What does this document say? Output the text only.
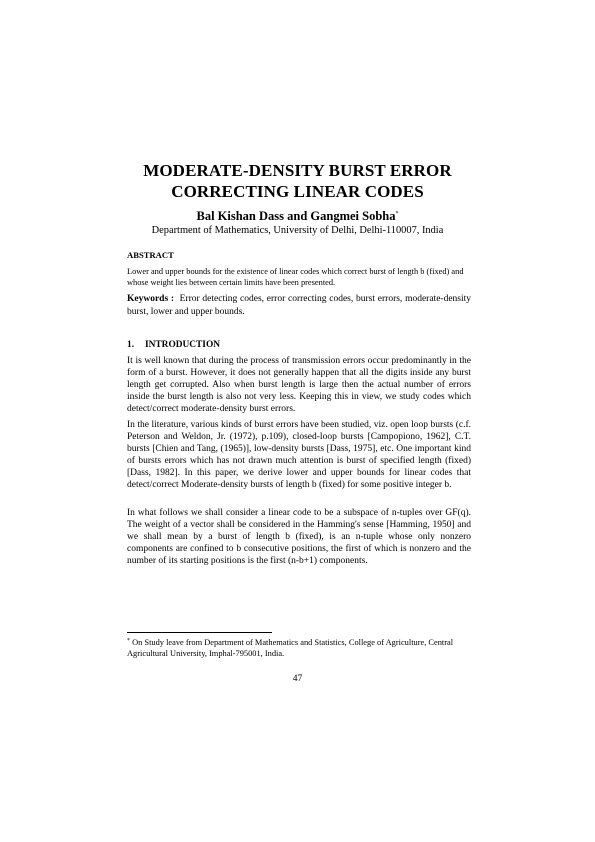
MODERATE-DENSITY BURST ERROR
CORRECTING LINEAR CODES
Bal Kishan Dass and Gangmei Sobha*
Department of Mathematics, University of Delhi, Delhi-110007, India
ABSTRACT
Lower and upper bounds for the existence of linear codes which correct burst of length b (fixed) and whose weight lies between certain limits have been presented.
Keywords : Error detecting codes, error correcting codes, burst errors, moderate-density burst, lower and upper bounds.
1. INTRODUCTION
It is well known that during the process of transmission errors occur predominantly in the form of a burst. However, it does not generally happen that all the digits inside any burst length get corrupted. Also when burst length is large then the actual number of errors inside the burst length is also not very less. Keeping this in view, we study codes which detect/correct moderate-density burst errors.
In the literature, various kinds of burst errors have been studied, viz. open loop bursts (c.f. Peterson and Weldon, Jr. (1972), p.109), closed-loop bursts [Campopiono, 1962], C.T. bursts [Chien and Tang, (1965)], low-density bursts [Dass, 1975], etc. One important kind of bursts errors which has not drawn much attention is burst of specified length (fixed) [Dass, 1982]. In this paper, we derive lower and upper bounds for linear codes that detect/correct Moderate-density bursts of length b (fixed) for some positive integer b.
In what follows we shall consider a linear code to be a subspace of n-tuples over GF(q). The weight of a vector shall be considered in the Hamming's sense [Hamming, 1950] and we shall mean by a burst of length b (fixed), is an n-tuple whose only nonzero components are confined to b consecutive positions, the first of which is nonzero and the number of its starting positions is the first (n-b+1) components.
* On Study leave from Department of Mathematics and Statistics, College of Agriculture, Central Agricultural University, Imphal-795001, India.
47
